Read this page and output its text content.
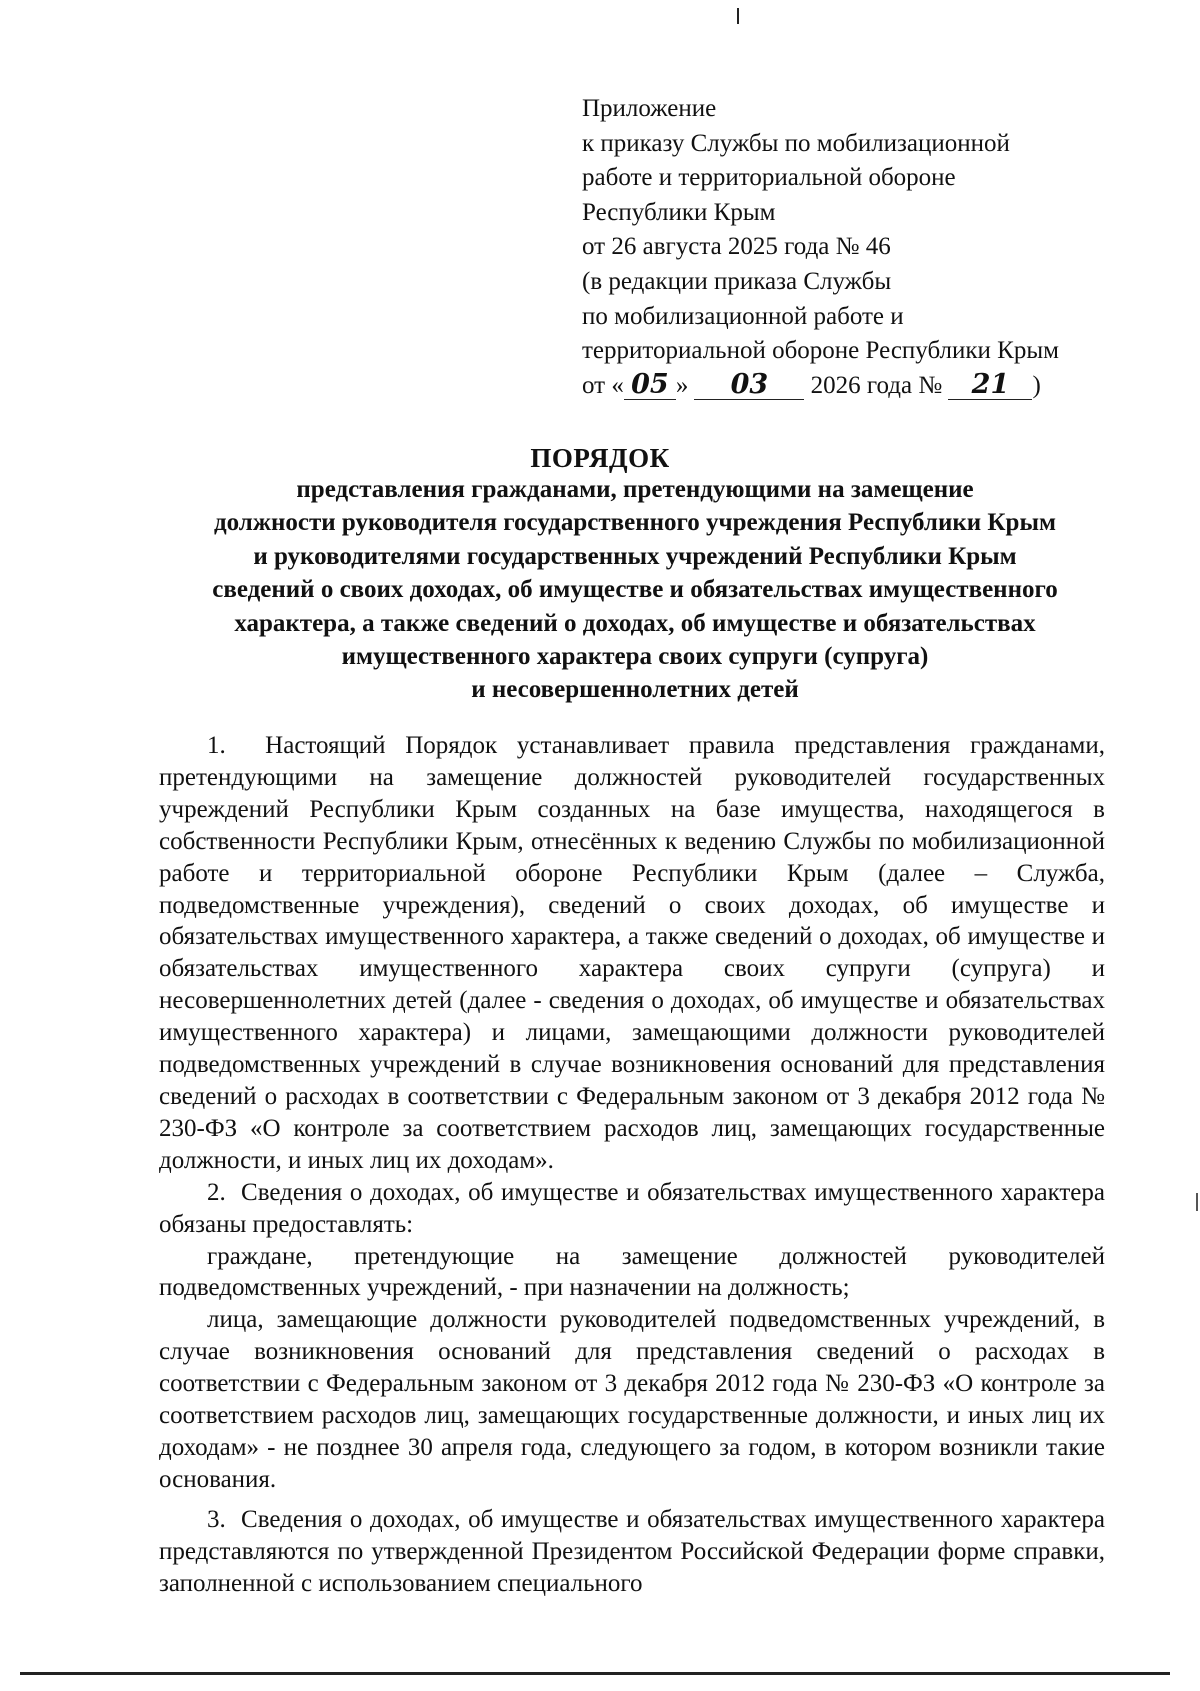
Приложение
к приказу Службы по мобилизационной
работе и территориальной обороне
Республики Крым
от 26 августа 2025 года № 46
(в редакции приказа Службы
по мобилизационной работе и
территориальной обороне Республики Крым
от « 05 » 03 2026 года № 21 )
ПОРЯДОК
представления гражданами, претендующими на замещение
должности руководителя государственного учреждения Республики Крым
и руководителями государственных учреждений Республики Крым
сведений о своих доходах, об имуществе и обязательствах имущественного
характера, а также сведений о доходах, об имуществе и обязательствах
имущественного характера своих супруги (супруга)
и несовершеннолетних детей

1.  Настоящий Порядок устанавливает правила представления гражданами, претендующими на замещение должностей руководителей государственных учреждений Республики Крым созданных на базе имущества, находящегося в собственности Республики Крым, отнесённых к ведению Службы по мобилизационной работе и территориальной обороне Республики Крым (далее – Служба, подведомственные учреждения), сведений о своих доходах, об имуществе и обязательствах имущественного характера, а также сведений о доходах, об имуществе и обязательствах имущественного характера своих супруги (супруга) и несовершеннолетних детей (далее - сведения о доходах, об имуществе и обязательствах имущественного характера) и лицами, замещающими должности руководителей подведомственных учреждений в случае возникновения оснований для представления сведений о расходах в соответствии с Федеральным законом от 3 декабря 2012 года № 230-ФЗ «О контроле за соответствием расходов лиц, замещающих государственные должности, и иных лиц их доходам».

2.  Сведения о доходах, об имуществе и обязательствах имущественного характера обязаны предоставлять:

граждане, претендующие на замещение должностей руководителей подведомственных учреждений, - при назначении на должность;

лица, замещающие должности руководителей подведомственных учреждений, в случае возникновения оснований для представления сведений о расходах в соответствии с Федеральным законом от 3 декабря 2012 года № 230-ФЗ «О контроле за соответствием расходов лиц, замещающих государственные должности, и иных лиц их доходам» - не позднее 30 апреля года, следующего за годом, в котором возникли такие основания.

3.  Сведения о доходах, об имуществе и обязательствах имущественного характера представляются по утвержденной Президентом Российской Федерации форме справки, заполненной с использованием специального
